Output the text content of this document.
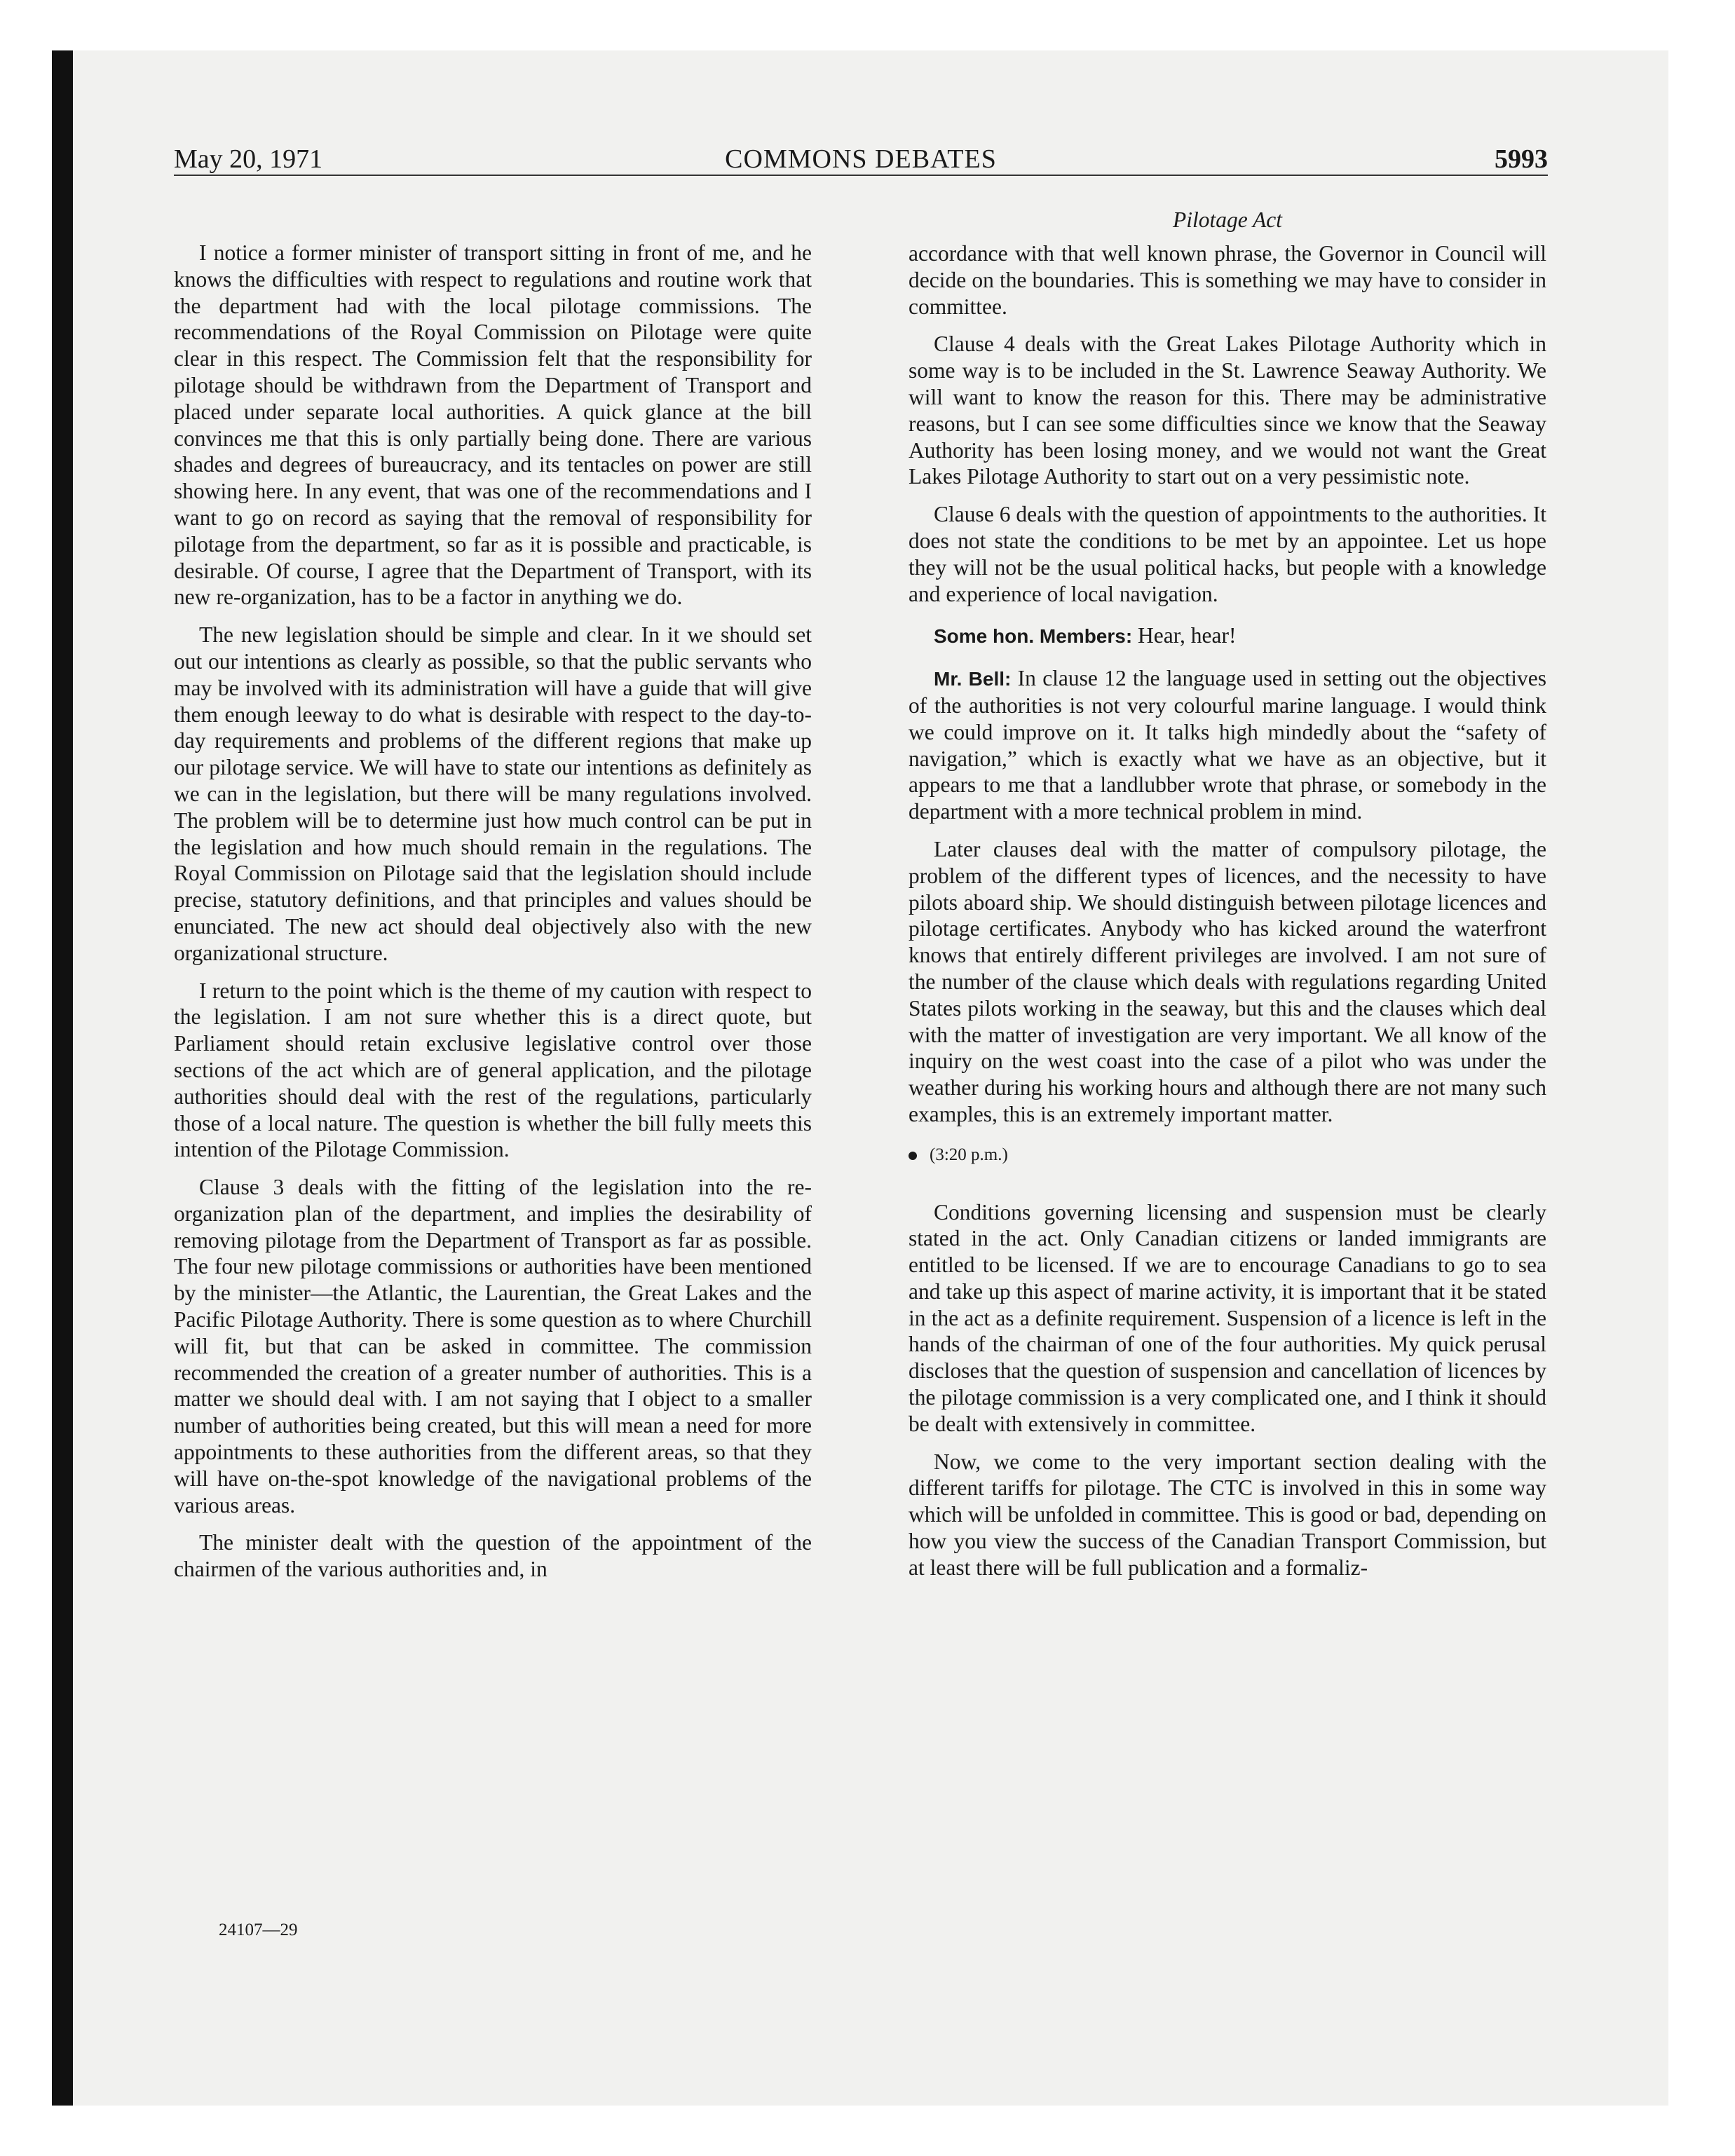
May 20, 1971	COMMONS DEBATES	5993

I notice a former minister of transport sitting in front of me, and he knows the difficulties with respect to regulations and routine work that the department had with the local pilotage commissions. The recommendations of the Royal Commission on Pilotage were quite clear in this respect. The Commission felt that the responsibility for pilotage should be withdrawn from the Department of Transport and placed under separate local authorities. A quick glance at the bill convinces me that this is only partially being done. There are various shades and degrees of bureaucracy, and its tentacles on power are still showing here. In any event, that was one of the recommendations and I want to go on record as saying that the removal of responsibility for pilotage from the department, so far as it is possible and practicable, is desirable. Of course, I agree that the Department of Transport, with its new re-organization, has to be a factor in anything we do.

The new legislation should be simple and clear. In it we should set out our intentions as clearly as possible, so that the public servants who may be involved with its administration will have a guide that will give them enough leeway to do what is desirable with respect to the day-to-day requirements and problems of the different regions that make up our pilotage service. We will have to state our intentions as definitely as we can in the legislation, but there will be many regulations involved. The problem will be to determine just how much control can be put in the legislation and how much should remain in the regulations. The Royal Commission on Pilotage said that the legislation should include precise, statutory definitions, and that principles and values should be enunciated. The new act should deal objectively also with the new organizational structure.

I return to the point which is the theme of my caution with respect to the legislation. I am not sure whether this is a direct quote, but Parliament should retain exclusive legislative control over those sections of the act which are of general application, and the pilotage authorities should deal with the rest of the regulations, particularly those of a local nature. The question is whether the bill fully meets this intention of the Pilotage Commission.

Clause 3 deals with the fitting of the legislation into the re-organization plan of the department, and implies the desirability of removing pilotage from the Department of Transport as far as possible. The four new pilotage commissions or authorities have been mentioned by the minister—the Atlantic, the Laurentian, the Great Lakes and the Pacific Pilotage Authority. There is some question as to where Churchill will fit, but that can be asked in committee. The commission recommended the creation of a greater number of authorities. This is a matter we should deal with. I am not saying that I object to a smaller number of authorities being created, but this will mean a need for more appointments to these authorities from the different areas, so that they will have on-the-spot knowledge of the navigational problems of the various areas.

The minister dealt with the question of the appointment of the chairmen of the various authorities and, in

24107—29
Pilotage Act

accordance with that well known phrase, the Governor in Council will decide on the boundaries. This is something we may have to consider in committee.

Clause 4 deals with the Great Lakes Pilotage Authority which in some way is to be included in the St. Lawrence Seaway Authority. We will want to know the reason for this. There may be administrative reasons, but I can see some difficulties since we know that the Seaway Authority has been losing money, and we would not want the Great Lakes Pilotage Authority to start out on a very pessimistic note.

Clause 6 deals with the question of appointments to the authorities. It does not state the conditions to be met by an appointee. Let us hope they will not be the usual political hacks, but people with a knowledge and experience of local navigation.

Some hon. Members: Hear, hear!

Mr. Bell: In clause 12 the language used in setting out the objectives of the authorities is not very colourful marine language. I would think we could improve on it. It talks high mindedly about the “safety of navigation,” which is exactly what we have as an objective, but it appears to me that a landlubber wrote that phrase, or somebody in the department with a more technical problem in mind.

Later clauses deal with the matter of compulsory pilotage, the problem of the different types of licences, and the necessity to have pilots aboard ship. We should distinguish between pilotage licences and pilotage certificates. Anybody who has kicked around the waterfront knows that entirely different privileges are involved. I am not sure of the number of the clause which deals with regulations regarding United States pilots working in the seaway, but this and the clauses which deal with the matter of investigation are very important. We all know of the inquiry on the west coast into the case of a pilot who was under the weather during his working hours and although there are not many such examples, this is an extremely important matter.

(3:20 p.m.)

Conditions governing licensing and suspension must be clearly stated in the act. Only Canadian citizens or landed immigrants are entitled to be licensed. If we are to encourage Canadians to go to sea and take up this aspect of marine activity, it is important that it be stated in the act as a definite requirement. Suspension of a licence is left in the hands of the chairman of one of the four authorities. My quick perusal discloses that the question of suspension and cancellation of licences by the pilotage commission is a very complicated one, and I think it should be dealt with extensively in committee.

Now, we come to the very important section dealing with the different tariffs for pilotage. The CTC is involved in this in some way which will be unfolded in committee. This is good or bad, depending on how you view the success of the Canadian Transport Commission, but at least there will be full publication and a formaliz-
